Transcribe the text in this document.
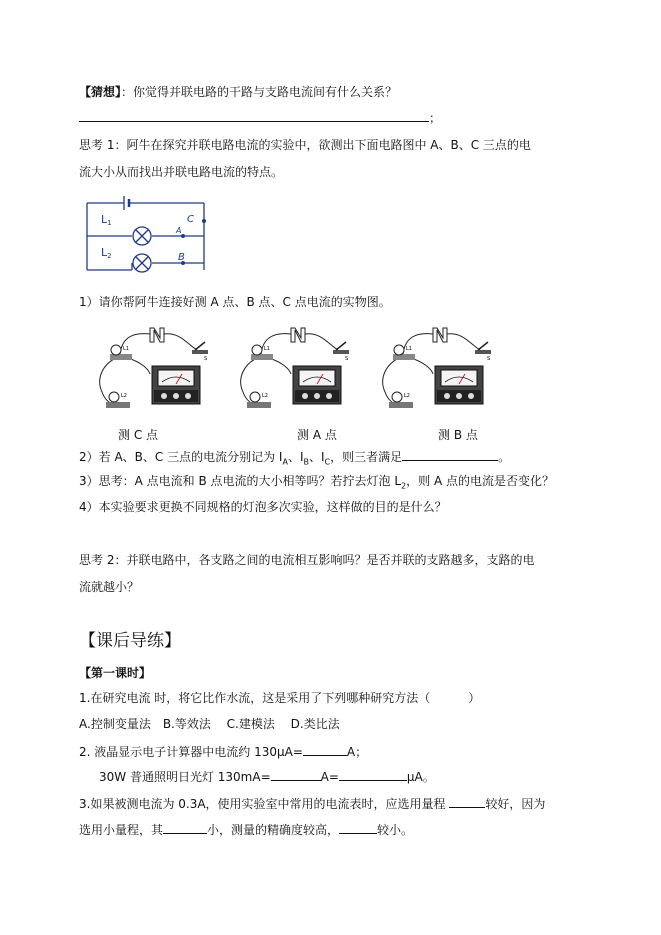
【猜想】：你觉得并联电路的干路与支路电流间有什么关系？
；
思考 1：阿牛在探究并联电路电流的实验中，欲测出下面电路图中 A、B、C 三点的电
流大小从而找出并联电路电流的特点。
L1
L2
C
A
B
1）请你帮阿牛连接好测 A 点、B 点、C 点电流的实物图。
L1
L2
S
L1
L2
S
L1
L2
S
测 C 点	测 A 点	测 B 点
2）若 A、B、C 三点的电流分别记为 $I_A$、$I_B$、$I_C$，则三者满足	。
3）思考：A 点电流和 B 点电流的大小相等吗？若拧去灯泡 $L_2$，则 A 点的电流是否变化？
4）本实验要求更换不同规格的灯泡多次实验，这样做的目的是什么？
思考 2：并联电路中，各支路之间的电流相互影响吗？是否并联的支路越多，支路的电
流就越小？
【课后导练】
【第一课时】
1.在研究电流 时，将它比作水流，这是采用了下列哪种研究方法（	）
A.控制变量法　B.等效法　 C.建模法　 D.类比法
2. 液晶显示电子计算器中电流约 130μA=	A；
30W 普通照明日光灯 130mA=	A=	μA。
3.如果被测电流为 0.3A，使用实验室中常用的电流表时，应选用量程	较好，因为
选用小量程，其	小，测量的精确度较高，	较小。
